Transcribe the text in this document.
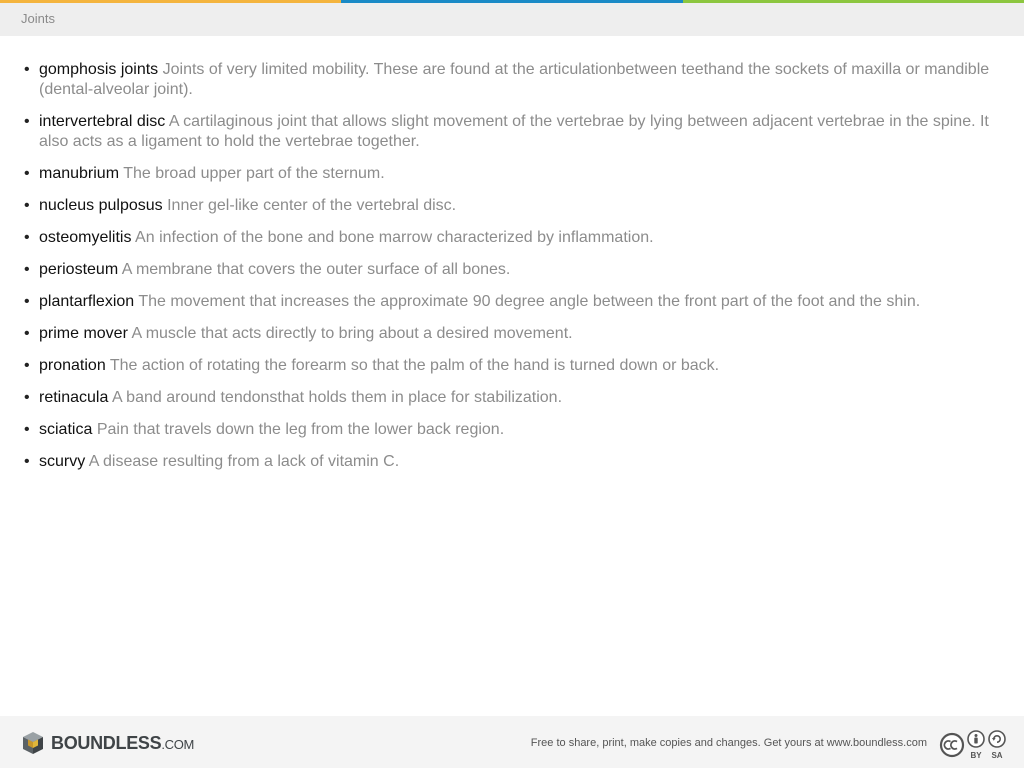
Joints
• gomphosis joints Joints of very limited mobility. These are found at the articulationbetween teethand the sockets of maxilla or mandible (dental-alveolar joint).
• intervertebral disc A cartilaginous joint that allows slight movement of the vertebrae by lying between adjacent vertebrae in the spine. It also acts as a ligament to hold the vertebrae together.
• manubrium The broad upper part of the sternum.
• nucleus pulposus Inner gel-like center of the vertebral disc.
• osteomyelitis An infection of the bone and bone marrow characterized by inflammation.
• periosteum A membrane that covers the outer surface of all bones.
• plantarflexion The movement that increases the approximate 90 degree angle between the front part of the foot and the shin.
• prime mover A muscle that acts directly to bring about a desired movement.
• pronation The action of rotating the forearm so that the palm of the hand is turned down or back.
• retinacula A band around tendonsthat holds them in place for stabilization.
• sciatica Pain that travels down the leg from the lower back region.
• scurvy A disease resulting from a lack of vitamin C.
BOUNDLESS.COM	Free to share, print, make copies and changes. Get yours at www.boundless.com
BY SA
